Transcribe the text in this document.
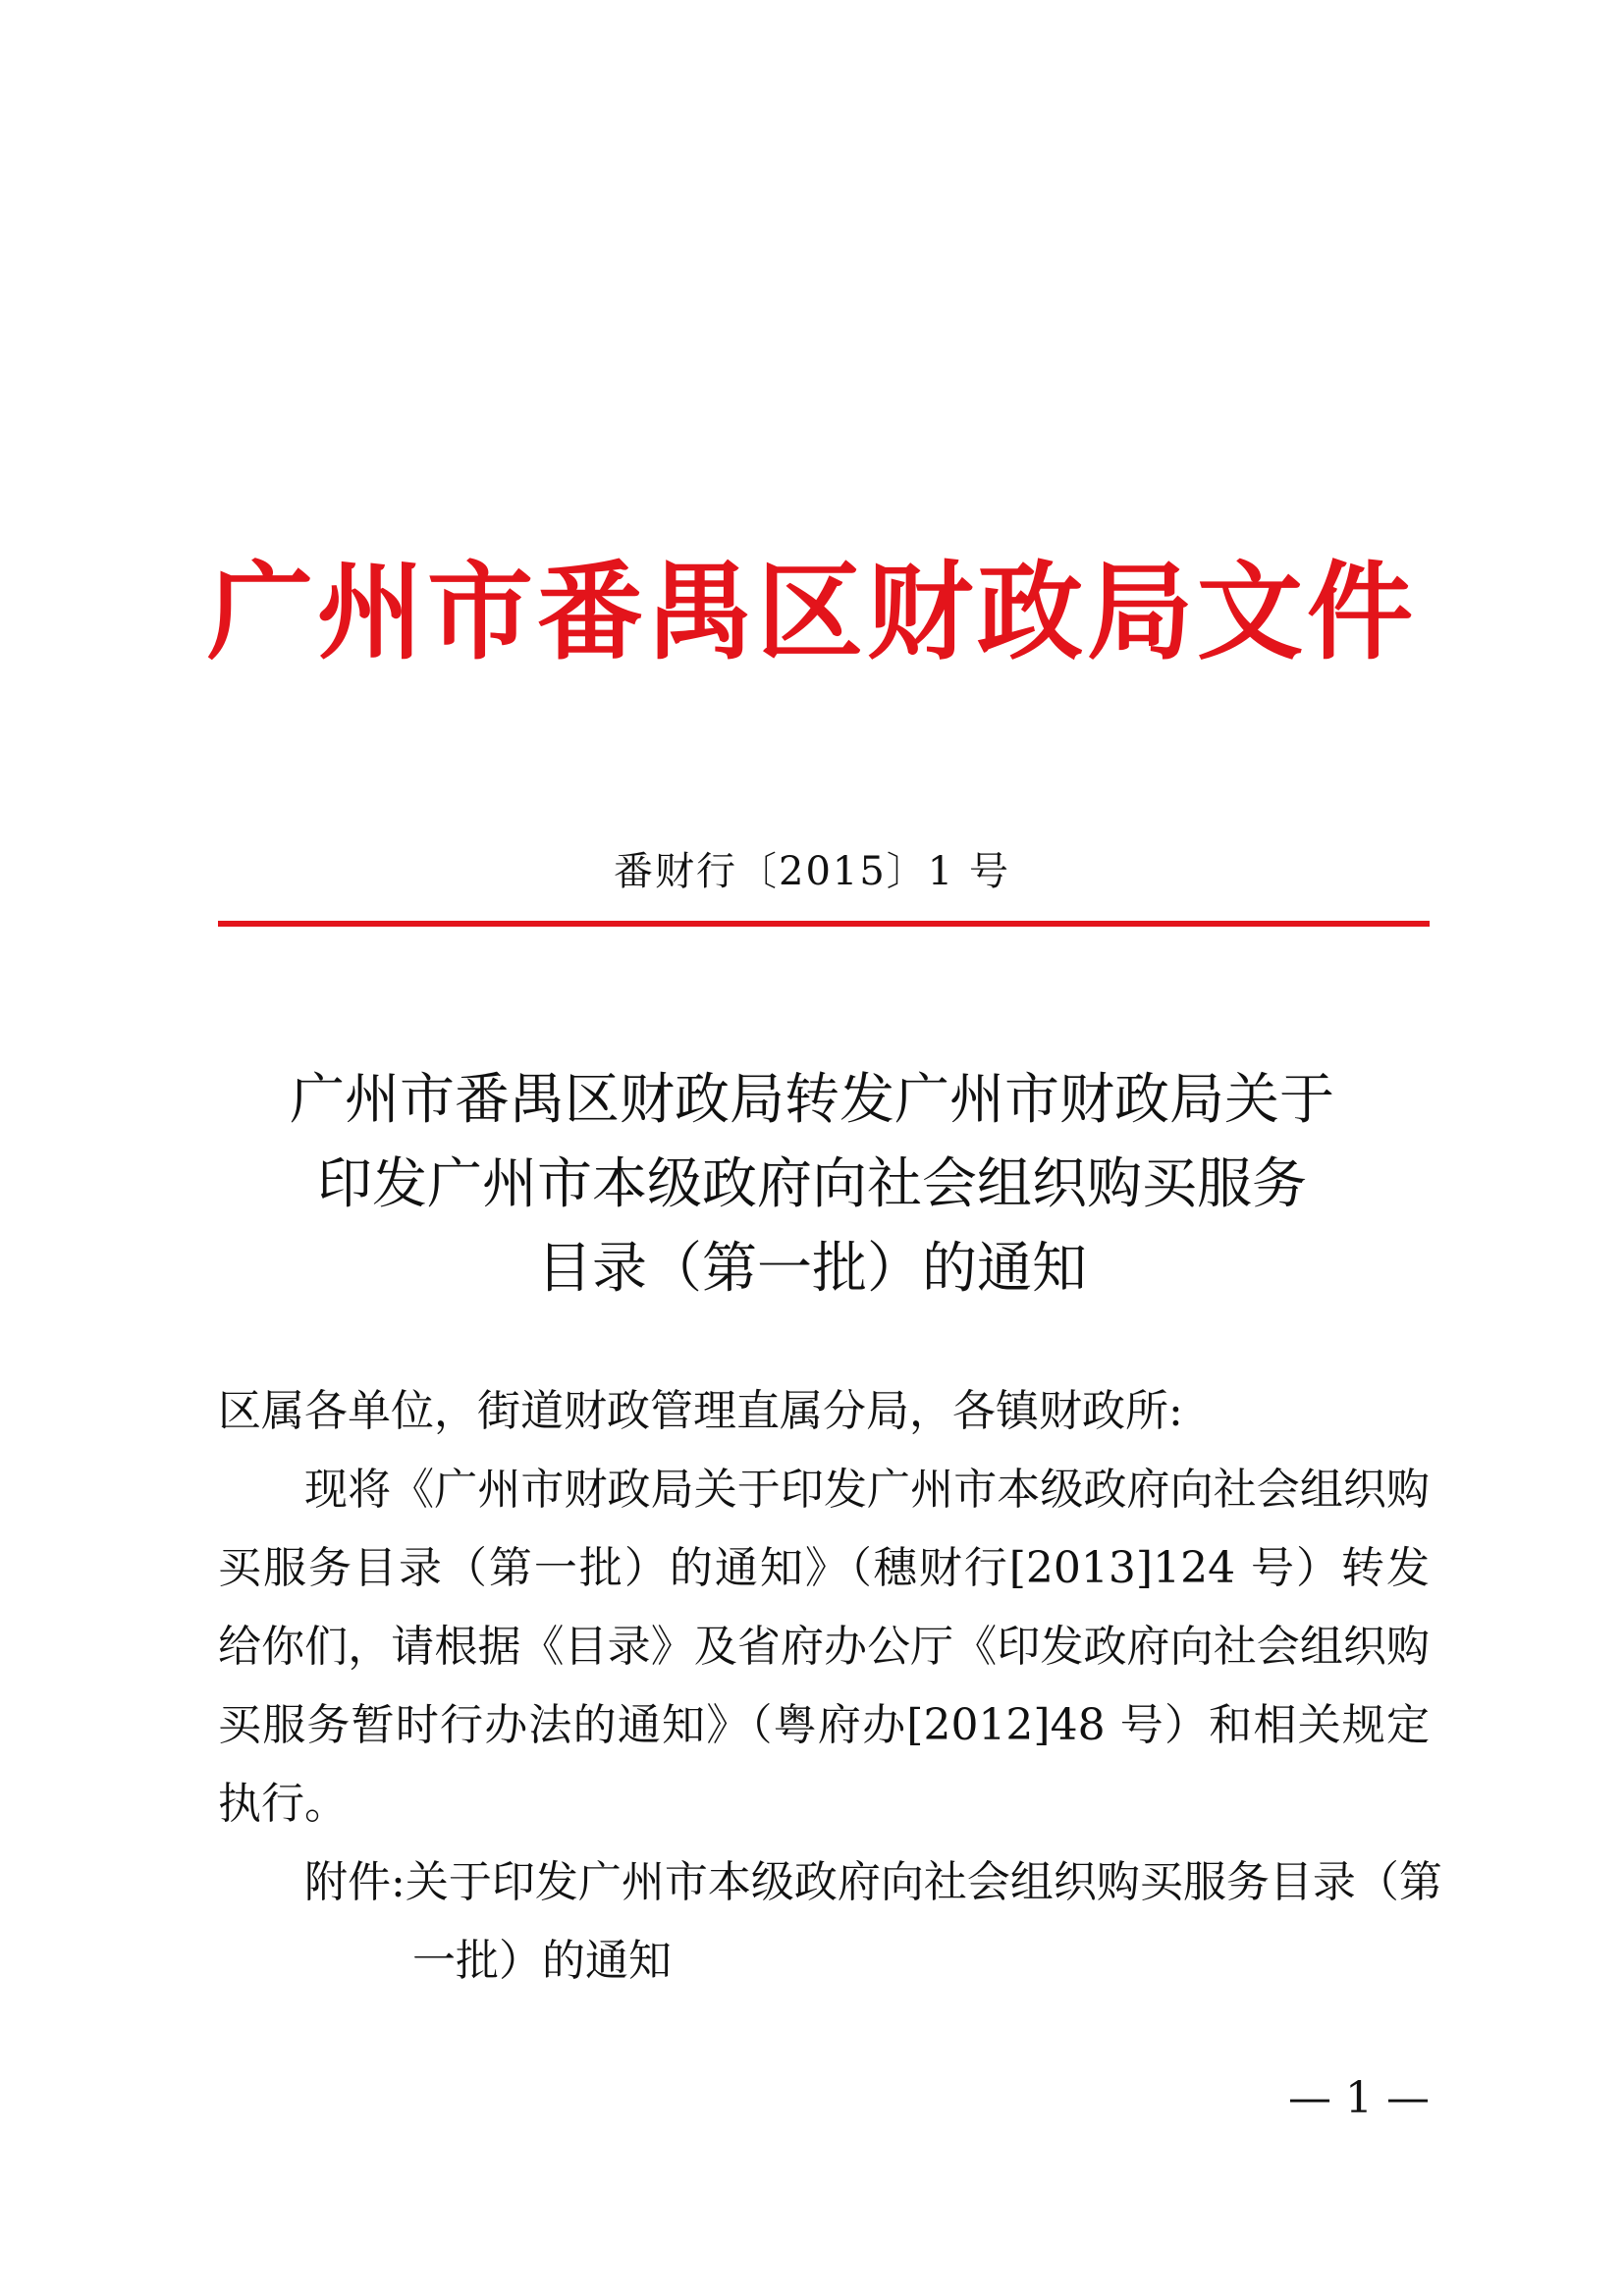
广州市番禺区财政局文件
番财行〔2015〕1 号
广州市番禺区财政局转发广州市财政局关于
印发广州市本级政府向社会组织购买服务
目录（第一批）的通知
区属各单位，街道财政管理直属分局，各镇财政所:
现将《广州市财政局关于印发广州市本级政府向社会组织购买服务目录（第一批）的通知》（穗财行[2013]124 号）转发给你们，请根据《目录》及省府办公厅《印发政府向社会组织购买服务暂时行办法的通知》（粤府办[2012]48 号）和相关规定执行。
附件:关于印发广州市本级政府向社会组织购买服务目录（第
一批）的通知
— 1 —
